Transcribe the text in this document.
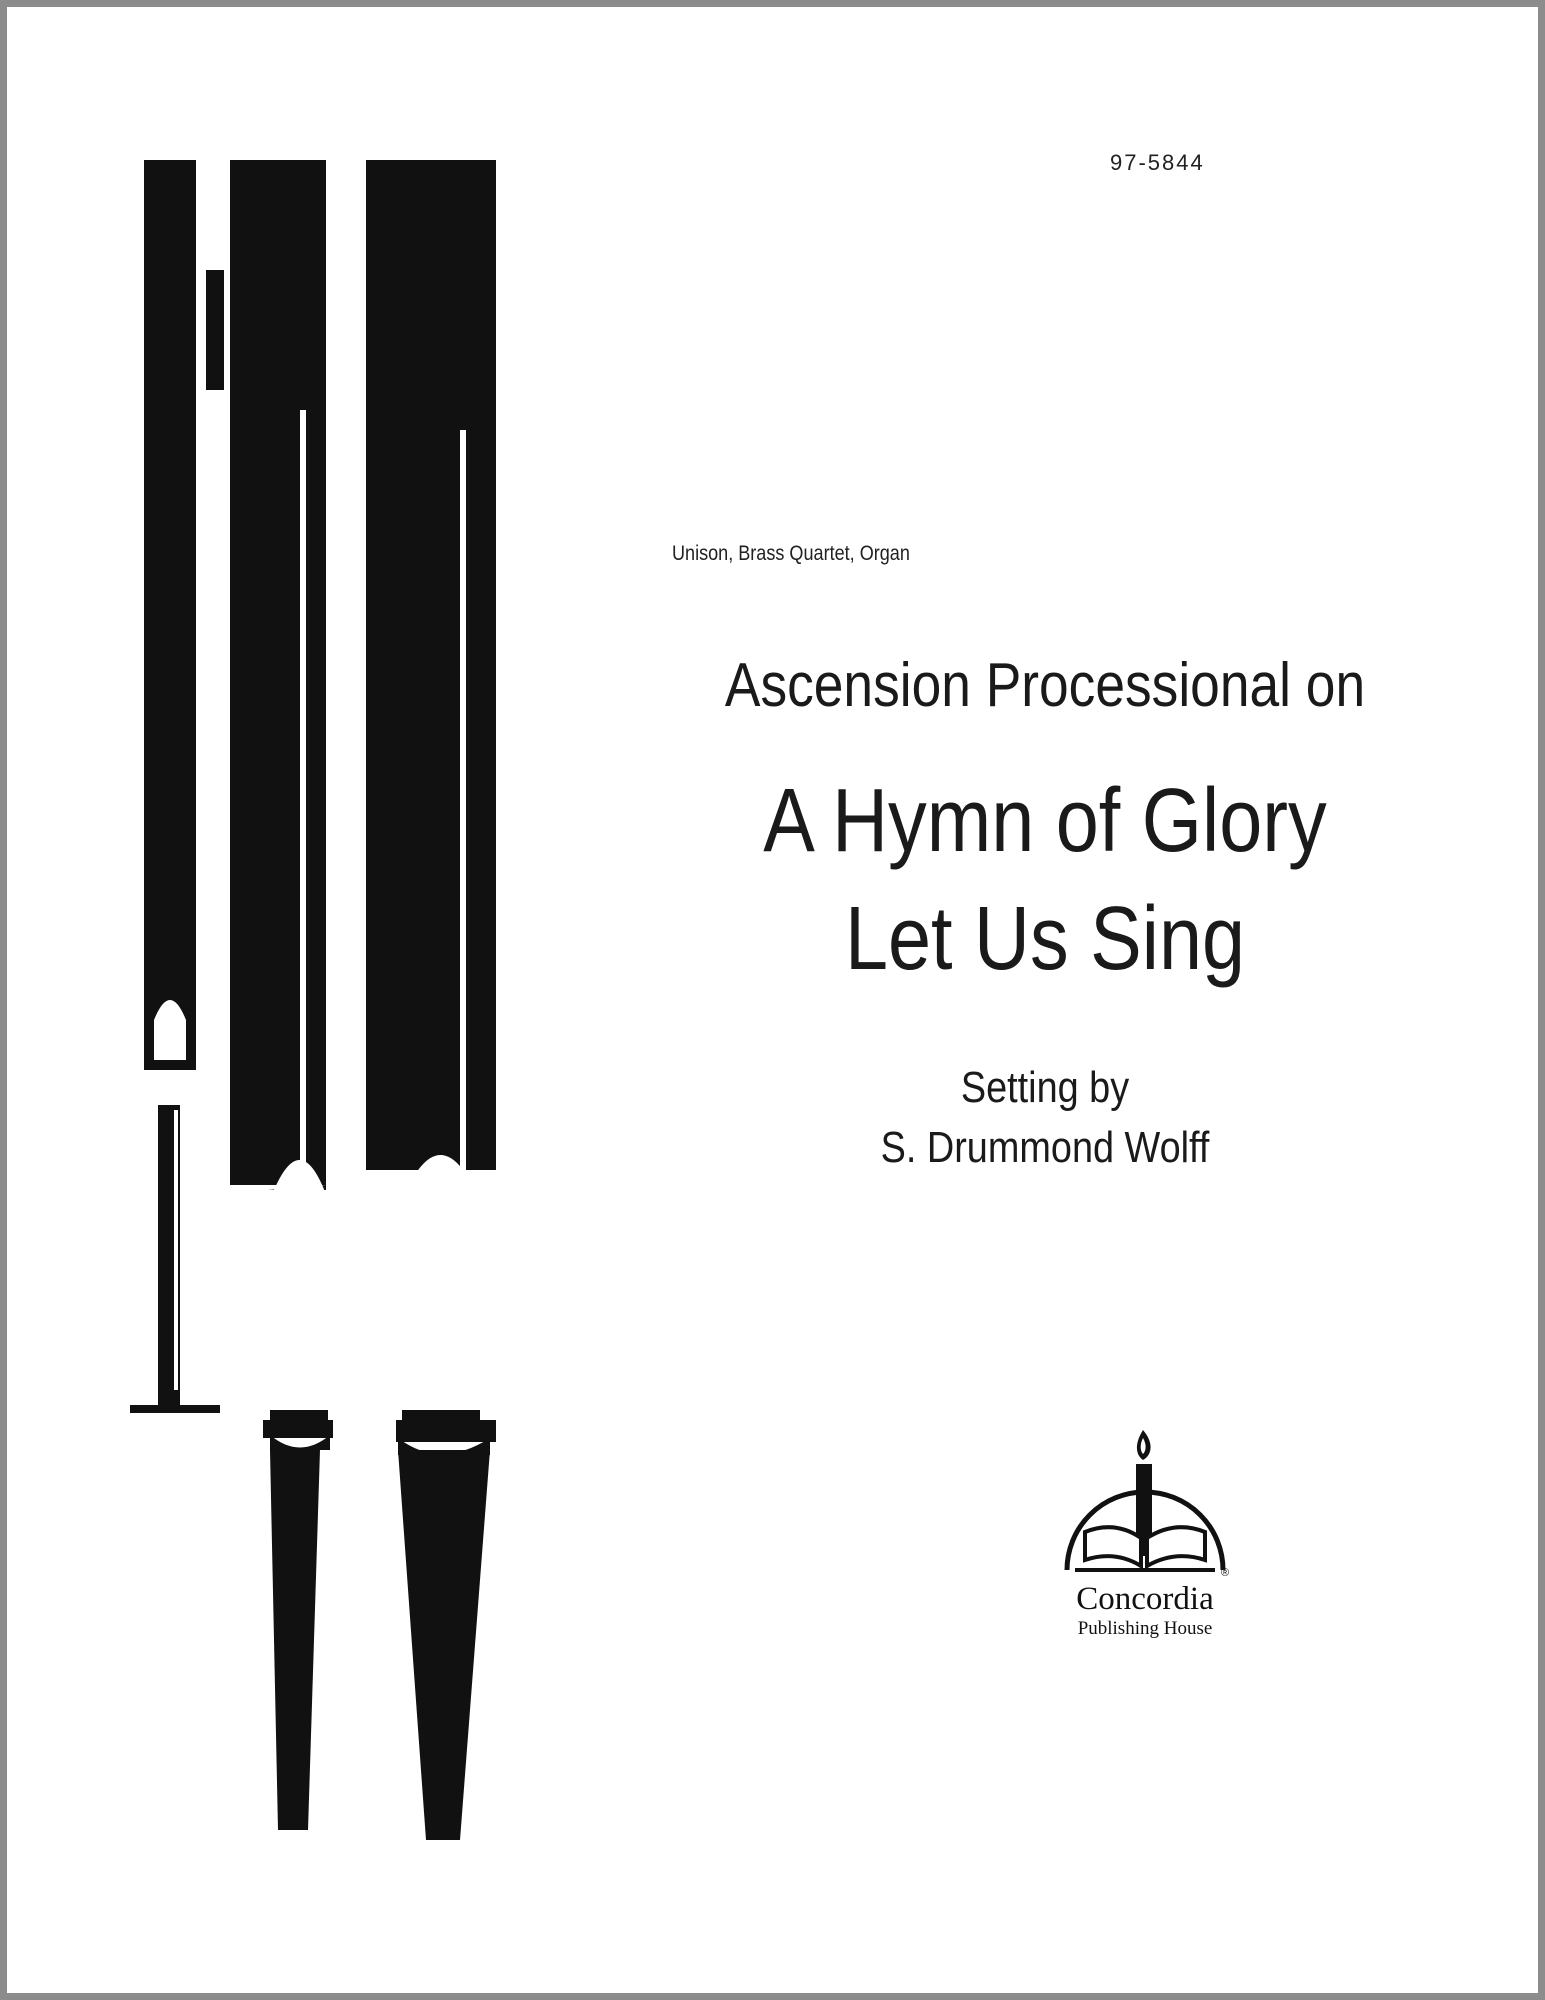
97-5844
Unison, Brass Quartet, Organ
Ascension Processional on
A Hymn of Glory
Let Us Sing
Setting by
S. Drummond Wolff
®
Concordia
Publishing House
